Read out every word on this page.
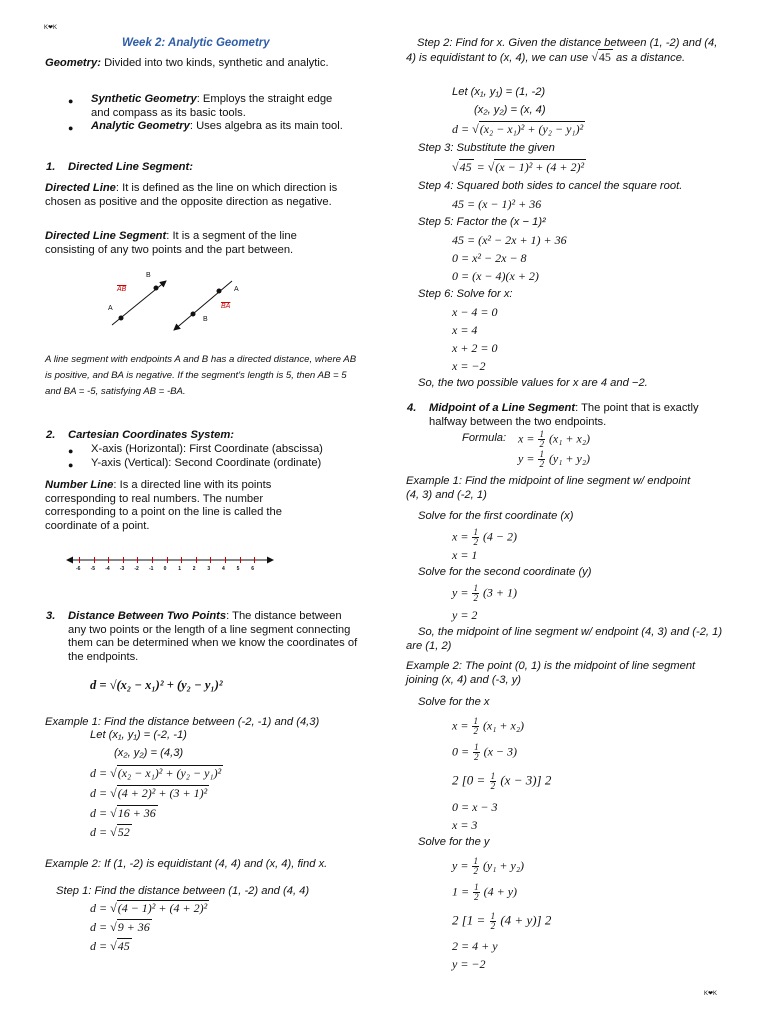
K❤K
K❤K
Week 2: Analytic Geometry
Geometry: Divided into two kinds, synthetic and analytic.
● Synthetic Geometry: Employs the straight edge and compass as its basic tools.
● Analytic Geometry: Uses algebra as its main tool.
1. Directed Line Segment:
Directed Line: It is defined as the line on which direction is chosen as positive and the opposite direction as negative.
Directed Line Segment: It is a segment of the line consisting of any two points and the part between.
B
$\overline{AB}$
A
A
$\overline{BA}$
B
A line segment with endpoints A and B has a directed distance, where AB is positive, and BA is negative. If the segment's length is 5, then AB = 5 and BA = -5, satisfying AB = -BA.
2. Cartesian Coordinates System:
● X-axis (Horizontal): First Coordinate (abscissa)
● Y-axis (Vertical): Second Coordinate (ordinate)
Number Line: Is a directed line with its points corresponding to real numbers. The number corresponding to a point on the line is called the coordinate of a point.
-6 -5 -4 -3 -2 -1 0 1 2 3 4 5 6
3. Distance Between Two Points: The distance between any two points or the length of a line segment connecting them can be determined when we know the coordinates of the endpoints.
d = √(x₂ − x₁)² + (y₂ − y₁)²
Example 1: Find the distance between (-2, -1) and (4,3)
Let (x₁, y₁) = (-2, -1)
(x₂, y₂) = (4,3)
d = √(x₂ − x₁)² + (y₂ − y₁)²
d = √(4 + 2)² + (3 + 1)²
d = √16 + 36
d = √52
Example 2: If (1, -2) is equidistant (4, 4) and (x, 4), find x.
Step 1: Find the distance between (1, -2) and (4, 4)
d = √(4 − 1)² + (4 + 2)²
d = √9 + 36
d = √45
Step 2: Find for x. Given the distance between (1, -2) and (4, 4) is equidistant to (x, 4), we can use √45 as a distance.
Let (x₁, y₁) = (1, -2)
(x₂, y₂) = (x, 4)
d = √(x₂ − x₁)² + (y₂ − y₁)²
Step 3: Substitute the given
√45 = √(x − 1)² + (4 + 2)²
Step 4: Squared both sides to cancel the square root.
45 = (x − 1)² + 36
Step 5: Factor the (x − 1)²
45 = (x² − 2x + 1) + 36
0 = x² − 2x − 8
0 = (x − 4)(x + 2)
Step 6: Solve for x:
x − 4 = 0
x = 4
x + 2 = 0
x = −2
So, the two possible values for x are 4 and −2.
4. Midpoint of a Line Segment: The point that is exactly halfway between the two endpoints.
Formula: $x = \frac{1}{2} (x_1 + x_2)$
$y = \frac{1}{2} (y_1 + y_2)$
Example 1: Find the midpoint of line segment w/ endpoint (4, 3) and (-2, 1)
Solve for the first coordinate (x)
$x = \frac{1}{2} (4 - 2)$
x = 1
Solve for the second coordinate (y)
$y = \frac{1}{2} (3 + 1)$
y = 2
So, the midpoint of line segment w/ endpoint (4, 3) and (-2, 1) are (1, 2)
Example 2: The point (0, 1) is the midpoint of line segment joining (x, 4) and (-3, y)
Solve for the x
$x = \frac{1}{2} (x_1 + x_2)$
$0 = \frac{1}{2} (x - 3)$
2 $[0 = \frac{1}{2} (x - 3)]$ 2
0 = x − 3
x = 3
Solve for the y
$y = \frac{1}{2} (y_1 + y_2)$
$1 = \frac{1}{2} (4 + y)$
2 $[1 = \frac{1}{2} (4 + y)]$ 2
2 = 4 + y
y = −2
